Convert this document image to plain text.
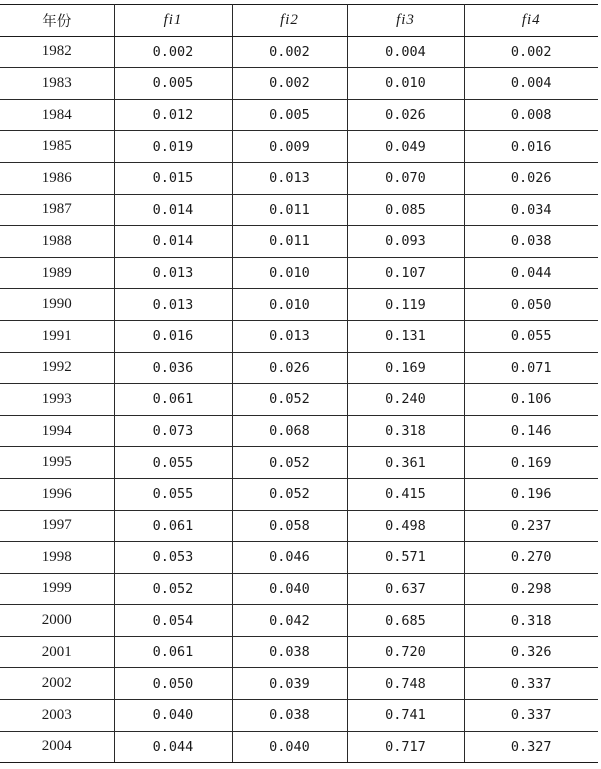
年份	fi1	fi2	fi3	fi4
1982	0.002	0.002	0.004	0.002
1983	0.005	0.002	0.010	0.004
1984	0.012	0.005	0.026	0.008
1985	0.019	0.009	0.049	0.016
1986	0.015	0.013	0.070	0.026
1987	0.014	0.011	0.085	0.034
1988	0.014	0.011	0.093	0.038
1989	0.013	0.010	0.107	0.044
1990	0.013	0.010	0.119	0.050
1991	0.016	0.013	0.131	0.055
1992	0.036	0.026	0.169	0.071
1993	0.061	0.052	0.240	0.106
1994	0.073	0.068	0.318	0.146
1995	0.055	0.052	0.361	0.169
1996	0.055	0.052	0.415	0.196
1997	0.061	0.058	0.498	0.237
1998	0.053	0.046	0.571	0.270
1999	0.052	0.040	0.637	0.298
2000	0.054	0.042	0.685	0.318
2001	0.061	0.038	0.720	0.326
2002	0.050	0.039	0.748	0.337
2003	0.040	0.038	0.741	0.337
2004	0.044	0.040	0.717	0.327
